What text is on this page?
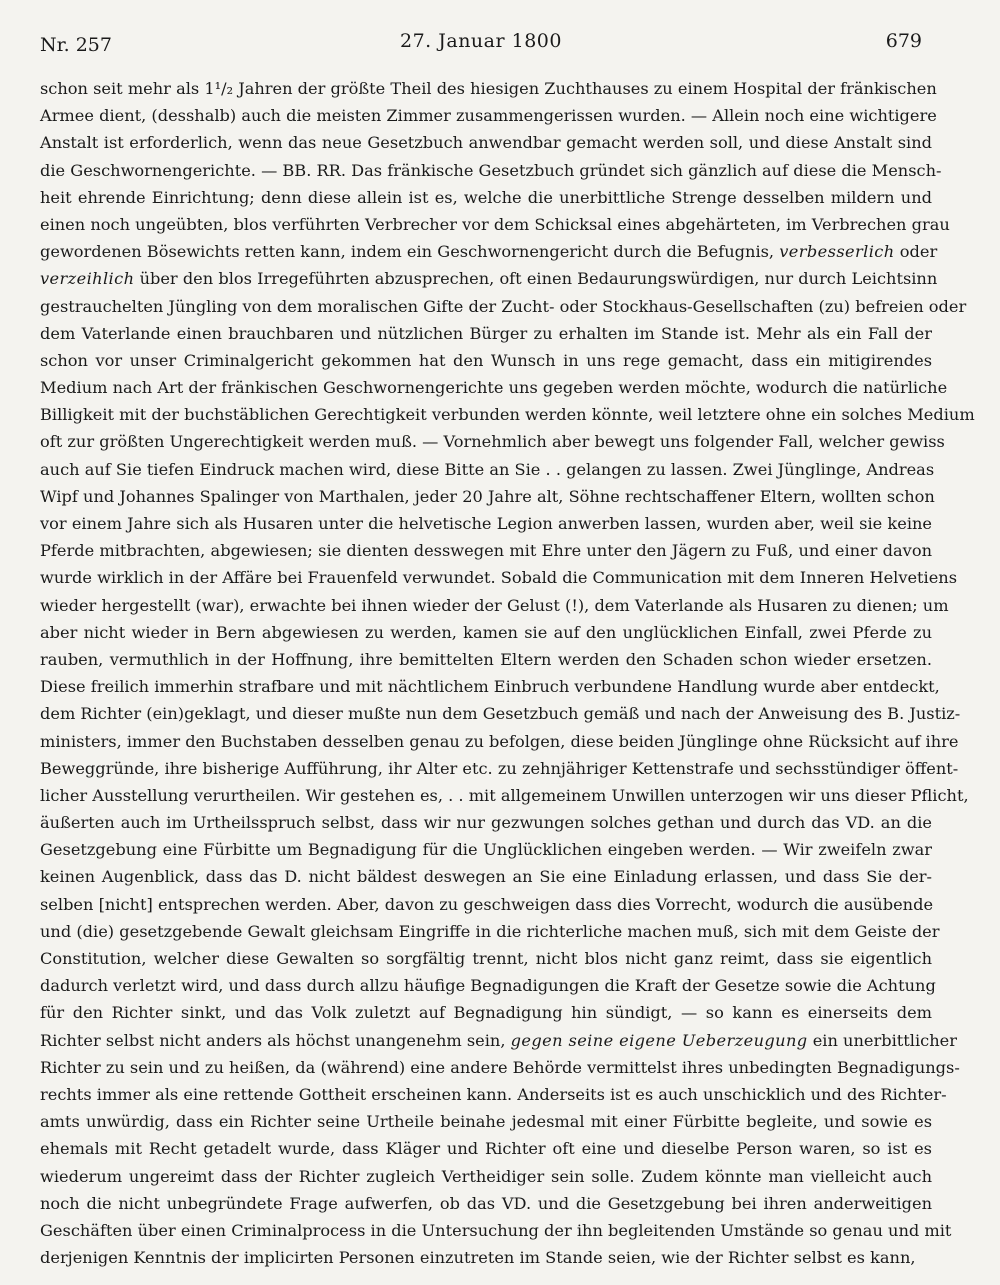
Nr. 257	27. Januar 1800	679
schon seit mehr als 1¹/₂ Jahren der größte Theil des hiesigen Zuchthauses zu einem Hospital der fränkischen
Armee dient, (desshalb) auch die meisten Zimmer zusammengerissen wurden. — Allein noch eine wichtigere
Anstalt ist erforderlich, wenn das neue Gesetzbuch anwendbar gemacht werden soll, und diese Anstalt sind
die Geschwornengerichte. — BB. RR. Das fränkische Gesetzbuch gründet sich gänzlich auf diese die Mensch-
heit ehrende Einrichtung; denn diese allein ist es, welche die unerbittliche Strenge desselben mildern und
einen noch ungeübten, blos verführten Verbrecher vor dem Schicksal eines abgehärteten, im Verbrechen grau
gewordenen Bösewichts retten kann, indem ein Geschwornengericht durch die Befugnis, verbesserlich oder
verzeihlich über den blos Irregeführten abzusprechen, oft einen Bedaurungswürdigen, nur durch Leichtsinn
gestrauchelten Jüngling von dem moralischen Gifte der Zucht- oder Stockhaus-Gesellschaften (zu) befreien oder
dem Vaterlande einen brauchbaren und nützlichen Bürger zu erhalten im Stande ist. Mehr als ein Fall der
schon vor unser Criminalgericht gekommen hat den Wunsch in uns rege gemacht, dass ein mitigirendes
Medium nach Art der fränkischen Geschwornengerichte uns gegeben werden möchte, wodurch die natürliche
Billigkeit mit der buchstäblichen Gerechtigkeit verbunden werden könnte, weil letztere ohne ein solches Medium
oft zur größten Ungerechtigkeit werden muß. — Vornehmlich aber bewegt uns folgender Fall, welcher gewiss
auch auf Sie tiefen Eindruck machen wird, diese Bitte an Sie . . gelangen zu lassen. Zwei Jünglinge, Andreas
Wipf und Johannes Spalinger von Marthalen, jeder 20 Jahre alt, Söhne rechtschaffener Eltern, wollten schon
vor einem Jahre sich als Husaren unter die helvetische Legion anwerben lassen, wurden aber, weil sie keine
Pferde mitbrachten, abgewiesen; sie dienten desswegen mit Ehre unter den Jägern zu Fuß, und einer davon
wurde wirklich in der Affäre bei Frauenfeld verwundet. Sobald die Communication mit dem Inneren Helvetiens
wieder hergestellt (war), erwachte bei ihnen wieder der Gelust (!), dem Vaterlande als Husaren zu dienen; um
aber nicht wieder in Bern abgewiesen zu werden, kamen sie auf den unglücklichen Einfall, zwei Pferde zu
rauben, vermuthlich in der Hoffnung, ihre bemittelten Eltern werden den Schaden schon wieder ersetzen.
Diese freilich immerhin strafbare und mit nächtlichem Einbruch verbundene Handlung wurde aber entdeckt,
dem Richter (ein)geklagt, und dieser mußte nun dem Gesetzbuch gemäß und nach der Anweisung des B. Justiz-
ministers, immer den Buchstaben desselben genau zu befolgen, diese beiden Jünglinge ohne Rücksicht auf ihre
Beweggründe, ihre bisherige Aufführung, ihr Alter etc. zu zehnjähriger Kettenstrafe und sechsstündiger öffent-
licher Ausstellung verurtheilen. Wir gestehen es, . . mit allgemeinem Unwillen unterzogen wir uns dieser Pflicht,
äußerten auch im Urtheilsspruch selbst, dass wir nur gezwungen solches gethan und durch das VD. an die
Gesetzgebung eine Fürbitte um Begnadigung für die Unglücklichen eingeben werden. — Wir zweifeln zwar
keinen Augenblick, dass das D. nicht bäldest deswegen an Sie eine Einladung erlassen, und dass Sie der-
selben [nicht] entsprechen werden. Aber, davon zu geschweigen dass dies Vorrecht, wodurch die ausübende
und (die) gesetzgebende Gewalt gleichsam Eingriffe in die richterliche machen muß, sich mit dem Geiste der
Constitution, welcher diese Gewalten so sorgfältig trennt, nicht blos nicht ganz reimt, dass sie eigentlich
dadurch verletzt wird, und dass durch allzu häufige Begnadigungen die Kraft der Gesetze sowie die Achtung
für den Richter sinkt, und das Volk zuletzt auf Begnadigung hin sündigt, — so kann es einerseits dem
Richter selbst nicht anders als höchst unangenehm sein, gegen seine eigene Ueberzeugung ein unerbittlicher
Richter zu sein und zu heißen, da (während) eine andere Behörde vermittelst ihres unbedingten Begnadigungs-
rechts immer als eine rettende Gottheit erscheinen kann. Anderseits ist es auch unschicklich und des Richter-
amts unwürdig, dass ein Richter seine Urtheile beinahe jedesmal mit einer Fürbitte begleite, und sowie es
ehemals mit Recht getadelt wurde, dass Kläger und Richter oft eine und dieselbe Person waren, so ist es
wiederum ungereimt dass der Richter zugleich Vertheidiger sein solle. Zudem könnte man vielleicht auch
noch die nicht unbegründete Frage aufwerfen, ob das VD. und die Gesetzgebung bei ihren anderweitigen
Geschäften über einen Criminalprocess in die Untersuchung der ihn begleitenden Umstände so genau und mit
derjenigen Kenntnis der implicirten Personen einzutreten im Stande seien, wie der Richter selbst es kann,
